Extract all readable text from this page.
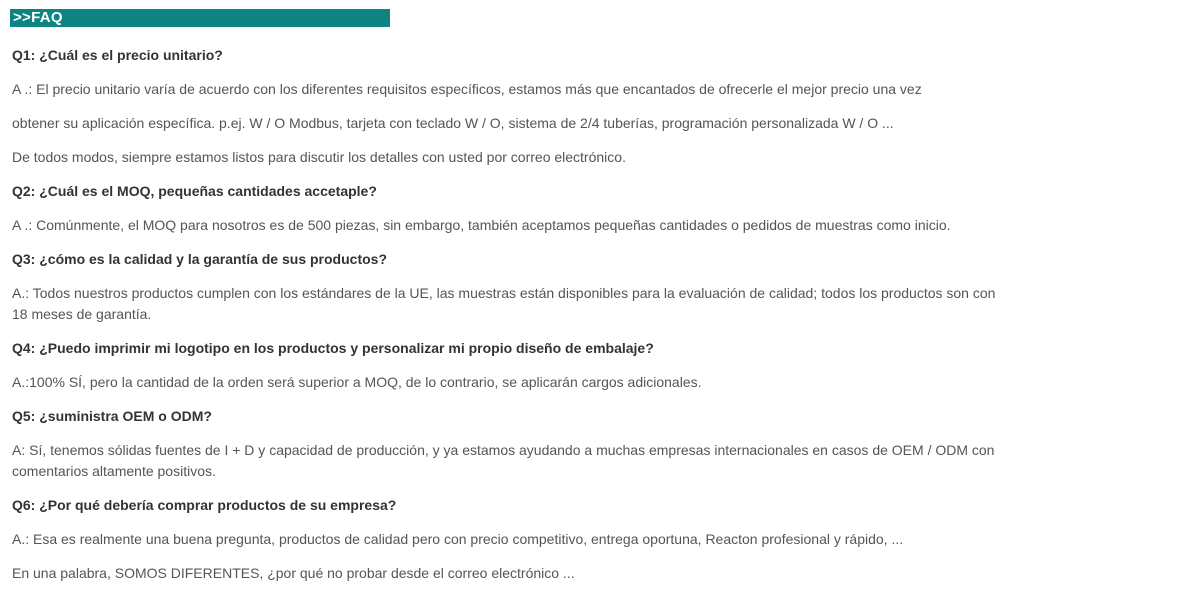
>>FAQ
Q1: ¿Cuál es el precio unitario?

A .: El precio unitario varía de acuerdo con los diferentes requisitos específicos, estamos más que encantados de ofrecerle el mejor precio una vez

obtener su aplicación específica. p.ej. W / O Modbus, tarjeta con teclado W / O, sistema de 2/4 tuberías, programación personalizada W / O ...

De todos modos, siempre estamos listos para discutir los detalles con usted por correo electrónico.

Q2: ¿Cuál es el MOQ, pequeñas cantidades accetaple?

A .: Comúnmente, el MOQ para nosotros es de 500 piezas, sin embargo, también aceptamos pequeñas cantidades o pedidos de muestras como inicio.

Q3: ¿cómo es la calidad y la garantía de sus productos?

A.: Todos nuestros productos cumplen con los estándares de la UE, las muestras están disponibles para la evaluación de calidad; todos los productos son con
18 meses de garantía.

Q4: ¿Puedo imprimir mi logotipo en los productos y personalizar mi propio diseño de embalaje?

A.:100% SÍ, pero la cantidad de la orden será superior a MOQ, de lo contrario, se aplicarán cargos adicionales.

Q5: ¿suministra OEM o ODM?

A: Sí, tenemos sólidas fuentes de I + D y capacidad de producción, y ya estamos ayudando a muchas empresas internacionales en casos de OEM / ODM con
comentarios altamente positivos.

Q6: ¿Por qué debería comprar productos de su empresa?

A.: Esa es realmente una buena pregunta, productos de calidad pero con precio competitivo, entrega oportuna, Reacton profesional y rápido, ...

En una palabra, SOMOS DIFERENTES, ¿por qué no probar desde el correo electrónico ...
